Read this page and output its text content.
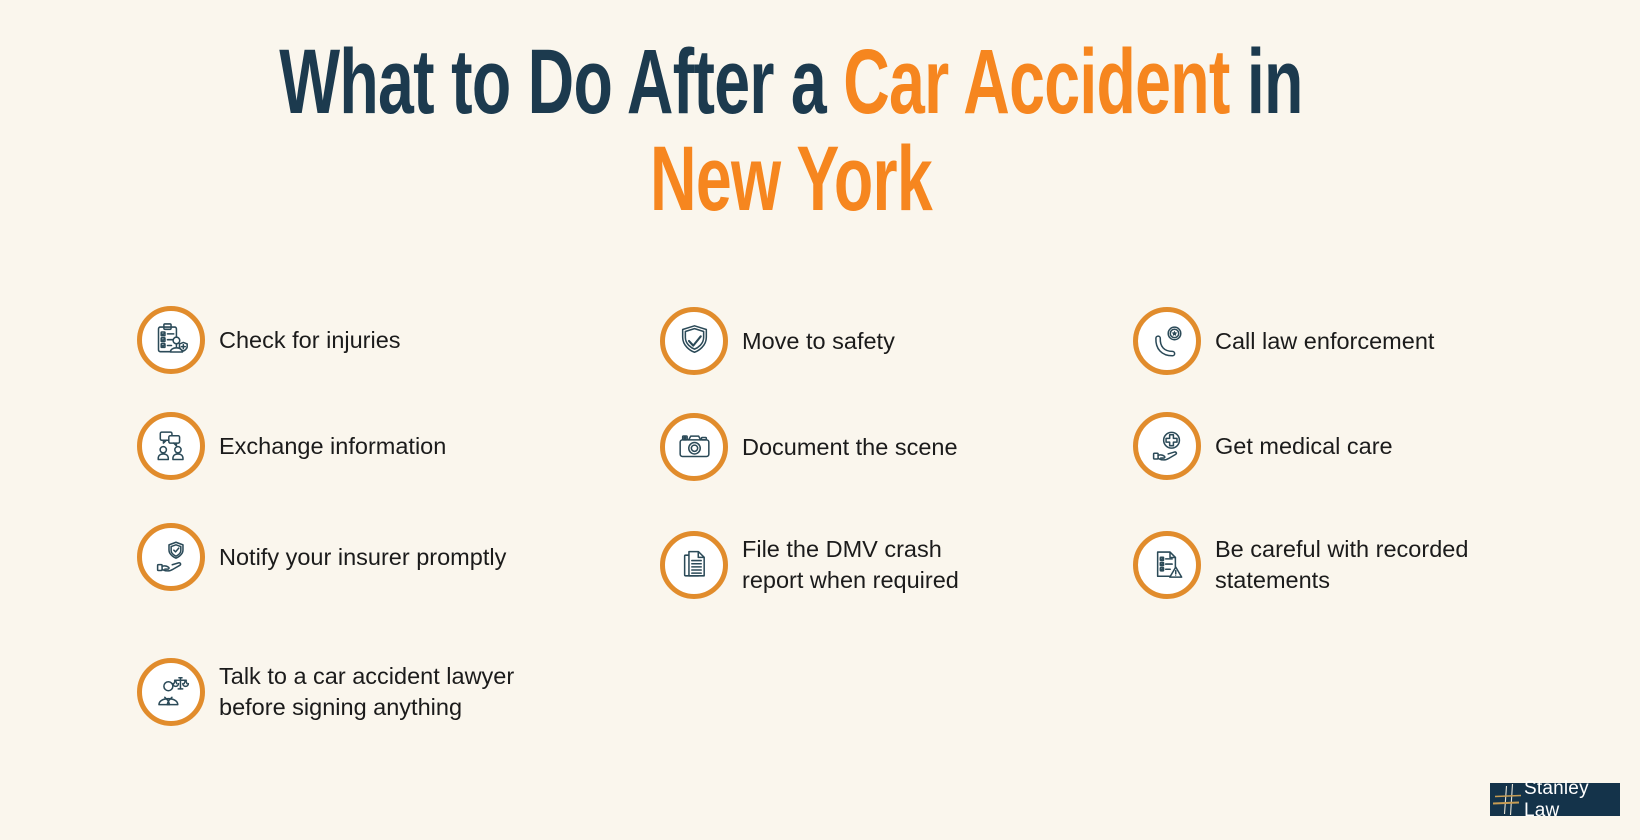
What to Do After a Car Accident in
New York
Check for injuries
Exchange information
Notify your insurer promptly
Talk to a car accident lawyer
before signing anything
Move to safety
Document the scene
File the DMV crash
report when required
Call law enforcement
Get medical care
Be careful with recorded
statements
Stanley Law
